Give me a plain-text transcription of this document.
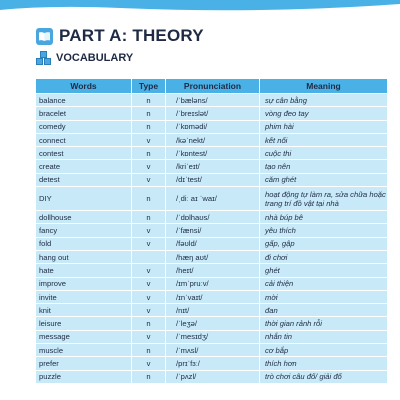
PART A: THEORY
VOCABULARY
Words	Type	Pronunciation	Meaning
balance	n	/ˈbæləns/	sự cân bằng
bracelet	n	/ˈbreɪslət/	vòng đeo tay
comedy	n	/ˈkɒmədi/	phim hài
connect	v	/kəˈnekt/	kết nối
contest	n	/ˈkɒntest/	cuộc thi
create	v	/kriˈeɪt/	tạo nên
detest	v	/dɪˈtest/	căm ghét
DIY	n	/ˌdiː aɪ ˈwaɪ/	hoạt động tự làm ra, sửa chữa hoặc trang trí đồ vật tại nhà
dollhouse	n	/ˈdɒlhaʊs/	nhà búp bê
fancy	v	/ˈfænsi/	yêu thích
fold	v	/fəʊld/	gấp, gập
hang out		/hæŋ aʊt/	đi chơi
hate	v	/heɪt/	ghét
improve	v	/ɪmˈpruːv/	cải thiện
invite	v	/ɪnˈvaɪt/	mời
knit	v	/nɪt/	đan
leisure	n	/ˈleʒə/	thời gian rảnh rỗi
message	v	/ˈmesɪdʒ/	nhắn tin
muscle	n	/ˈmʌsl/	cơ bắp
prefer	v	/prɪˈfɜː/	thích hơn
puzzle	n	/ˈpʌzl/	trò chơi câu đố/ giải đố
